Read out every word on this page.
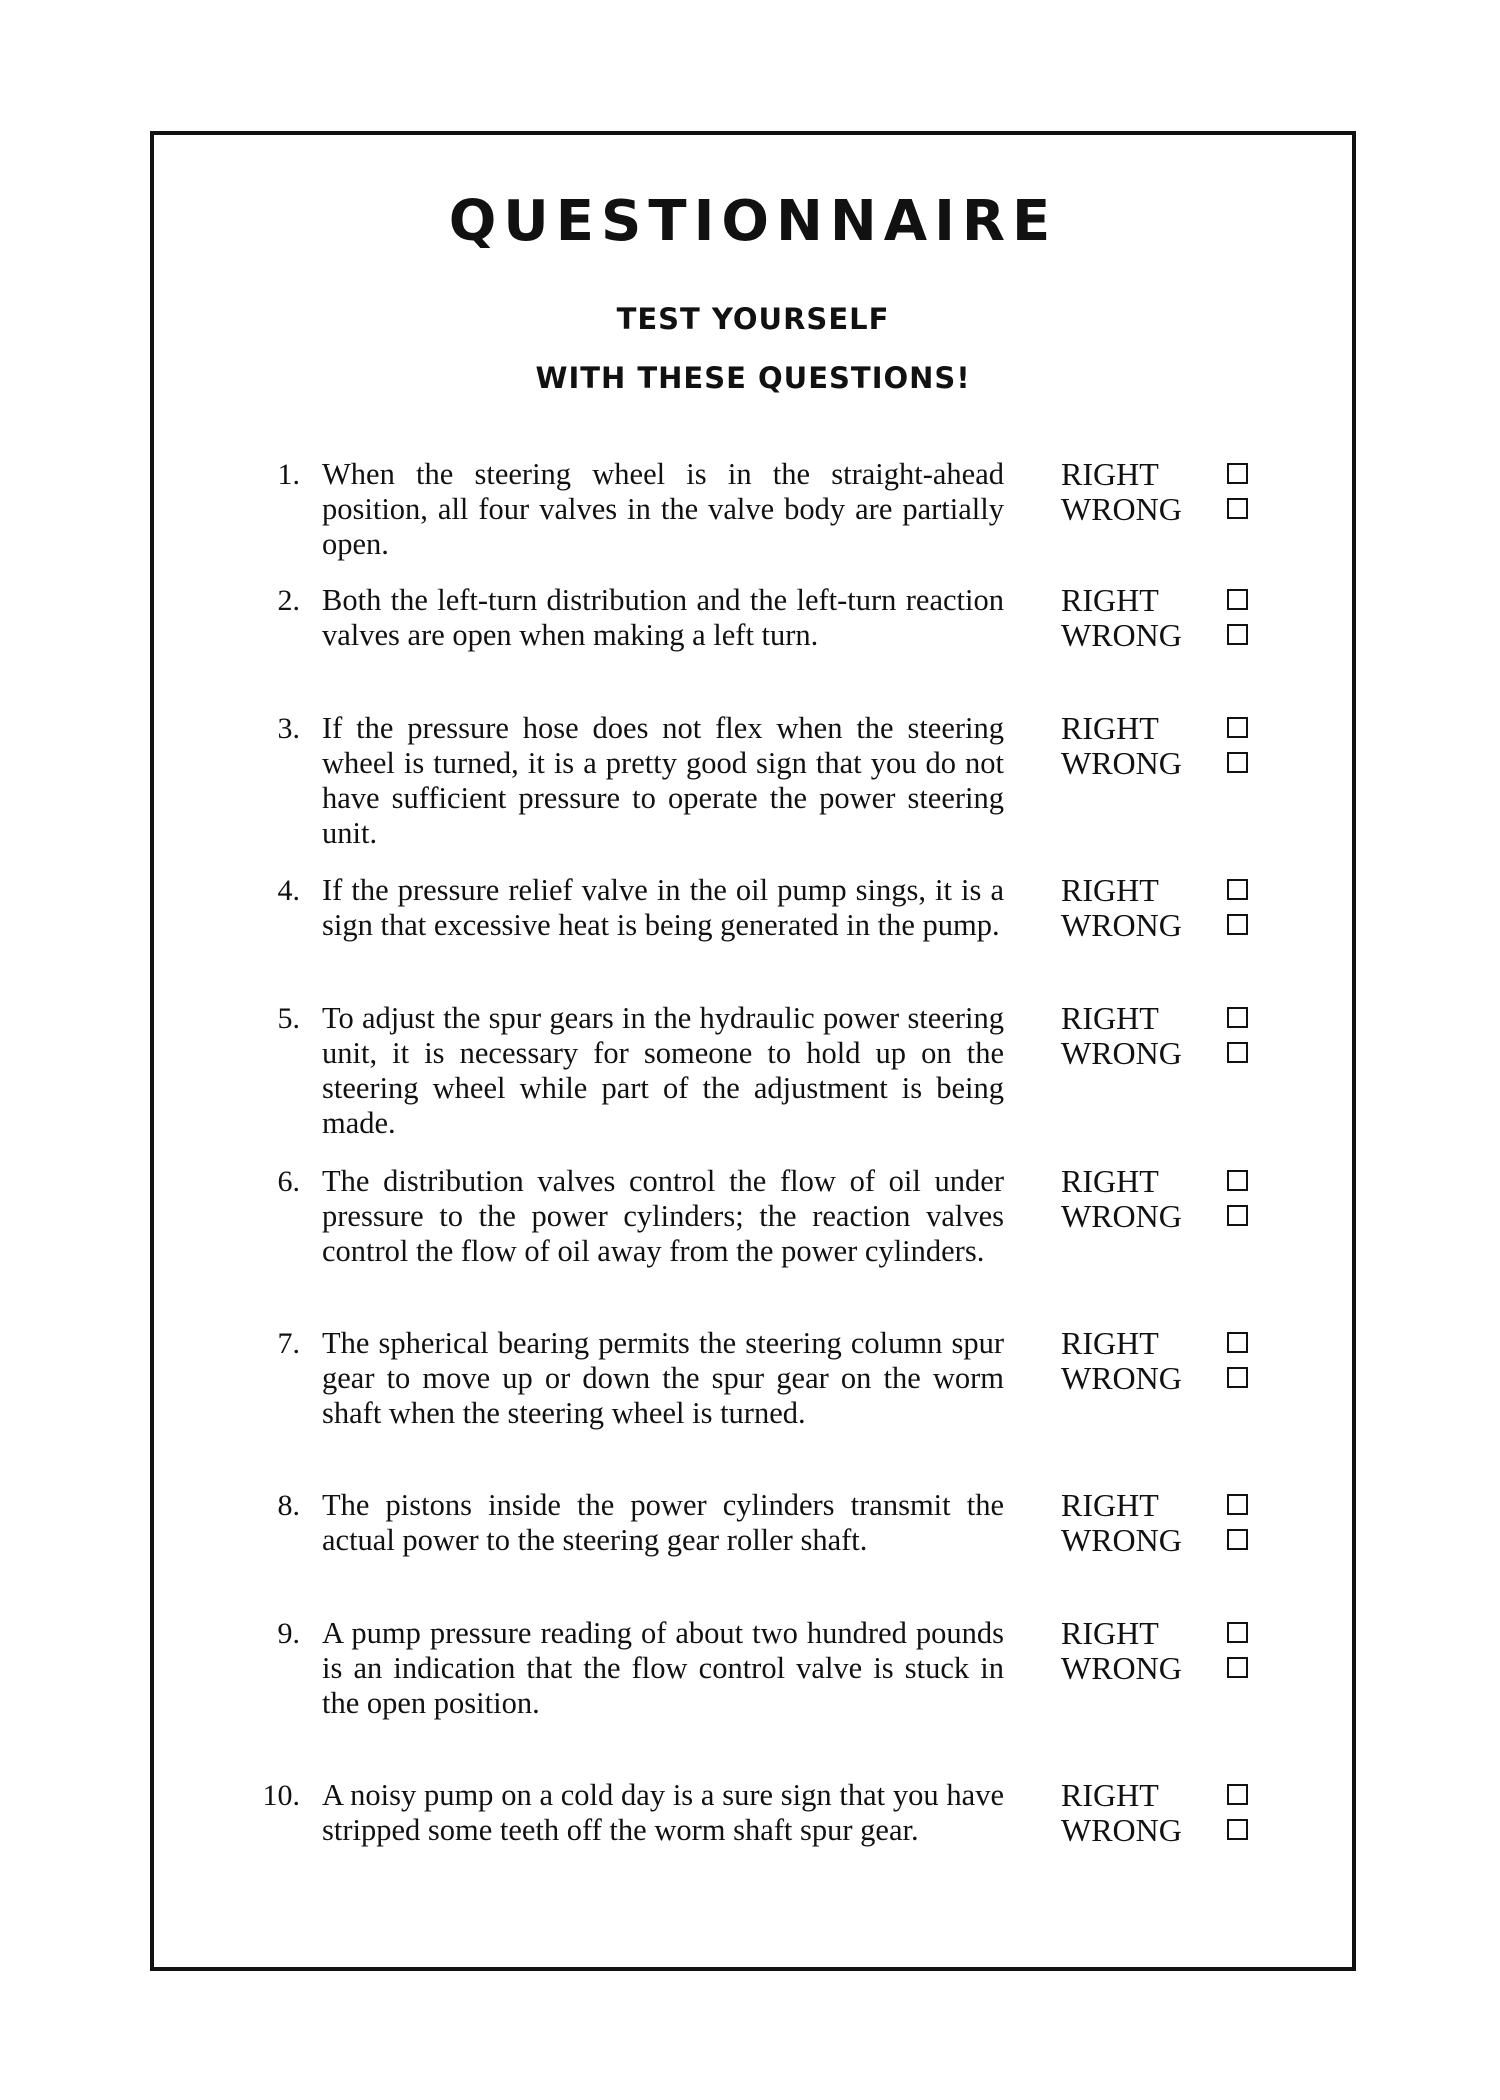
QUESTIONNAIRE
TEST YOURSELF
WITH THESE QUESTIONS!
1. When the steering wheel is in the straight-ahead position, all four valves in the valve body are partially open.

RIGHT
WRONG
2. Both the left-turn distribution and the left-turn reaction valves are open when making a left turn.

RIGHT
WRONG
3. If the pressure hose does not flex when the steering wheel is turned, it is a pretty good sign that you do not have sufficient pressure to operate the power steering unit.

RIGHT
WRONG
4. If the pressure relief valve in the oil pump sings, it is a sign that excessive heat is being generated in the pump.

RIGHT
WRONG
5. To adjust the spur gears in the hydraulic power steering unit, it is necessary for someone to hold up on the steering wheel while part of the adjustment is being made.

RIGHT
WRONG
6. The distribution valves control the flow of oil under pressure to the power cylinders; the reaction valves control the flow of oil away from the power cylinders.

RIGHT
WRONG
7. The spherical bearing permits the steering column spur gear to move up or down the spur gear on the worm shaft when the steering wheel is turned.

RIGHT
WRONG
8. The pistons inside the power cylinders transmit the actual power to the steering gear roller shaft.

RIGHT
WRONG
9. A pump pressure reading of about two hundred pounds is an indication that the flow control valve is stuck in the open position.

RIGHT
WRONG
10. A noisy pump on a cold day is a sure sign that you have stripped some teeth off the worm shaft spur gear.

RIGHT
WRONG
